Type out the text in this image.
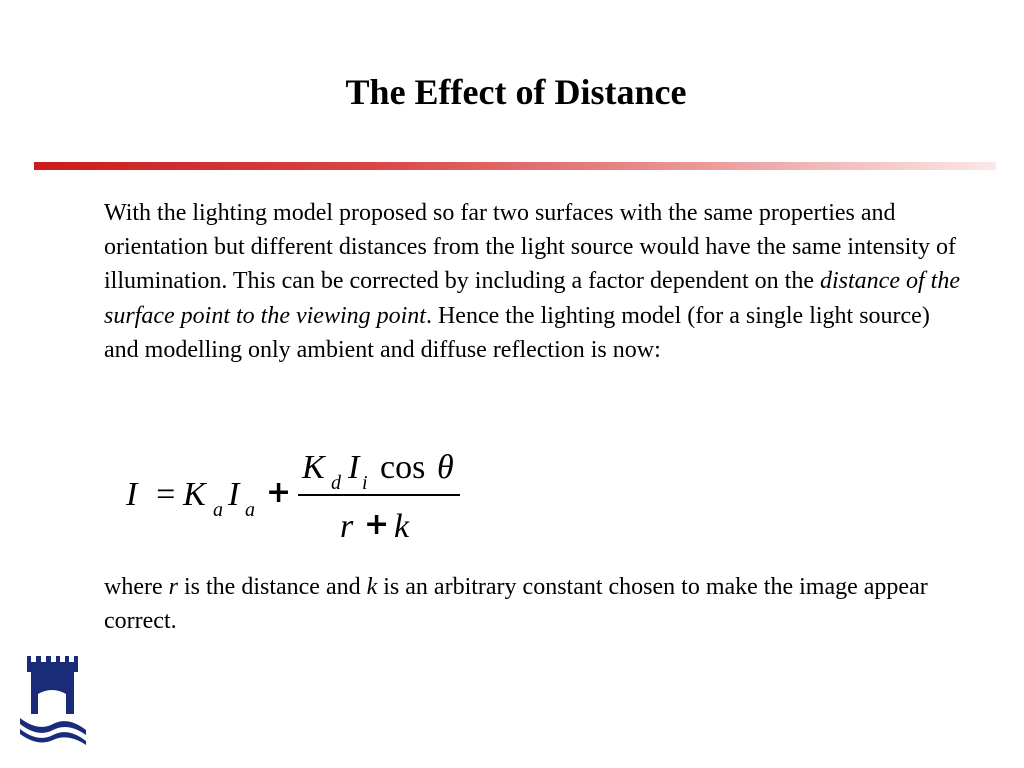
The Effect of Distance

With the lighting model proposed so far two surfaces with the same properties and orientation but different distances from the light source would have the same intensity of illumination. This can be corrected by including a factor dependent on the distance of the surface point to the viewing point. Hence the lighting model (for a single light source) and modelling only ambient and diffuse reflection is now:

I = K a I a +
K d I i cos θ
r + k

where r is the distance and k is an arbitrary constant chosen to make the image appear correct.
